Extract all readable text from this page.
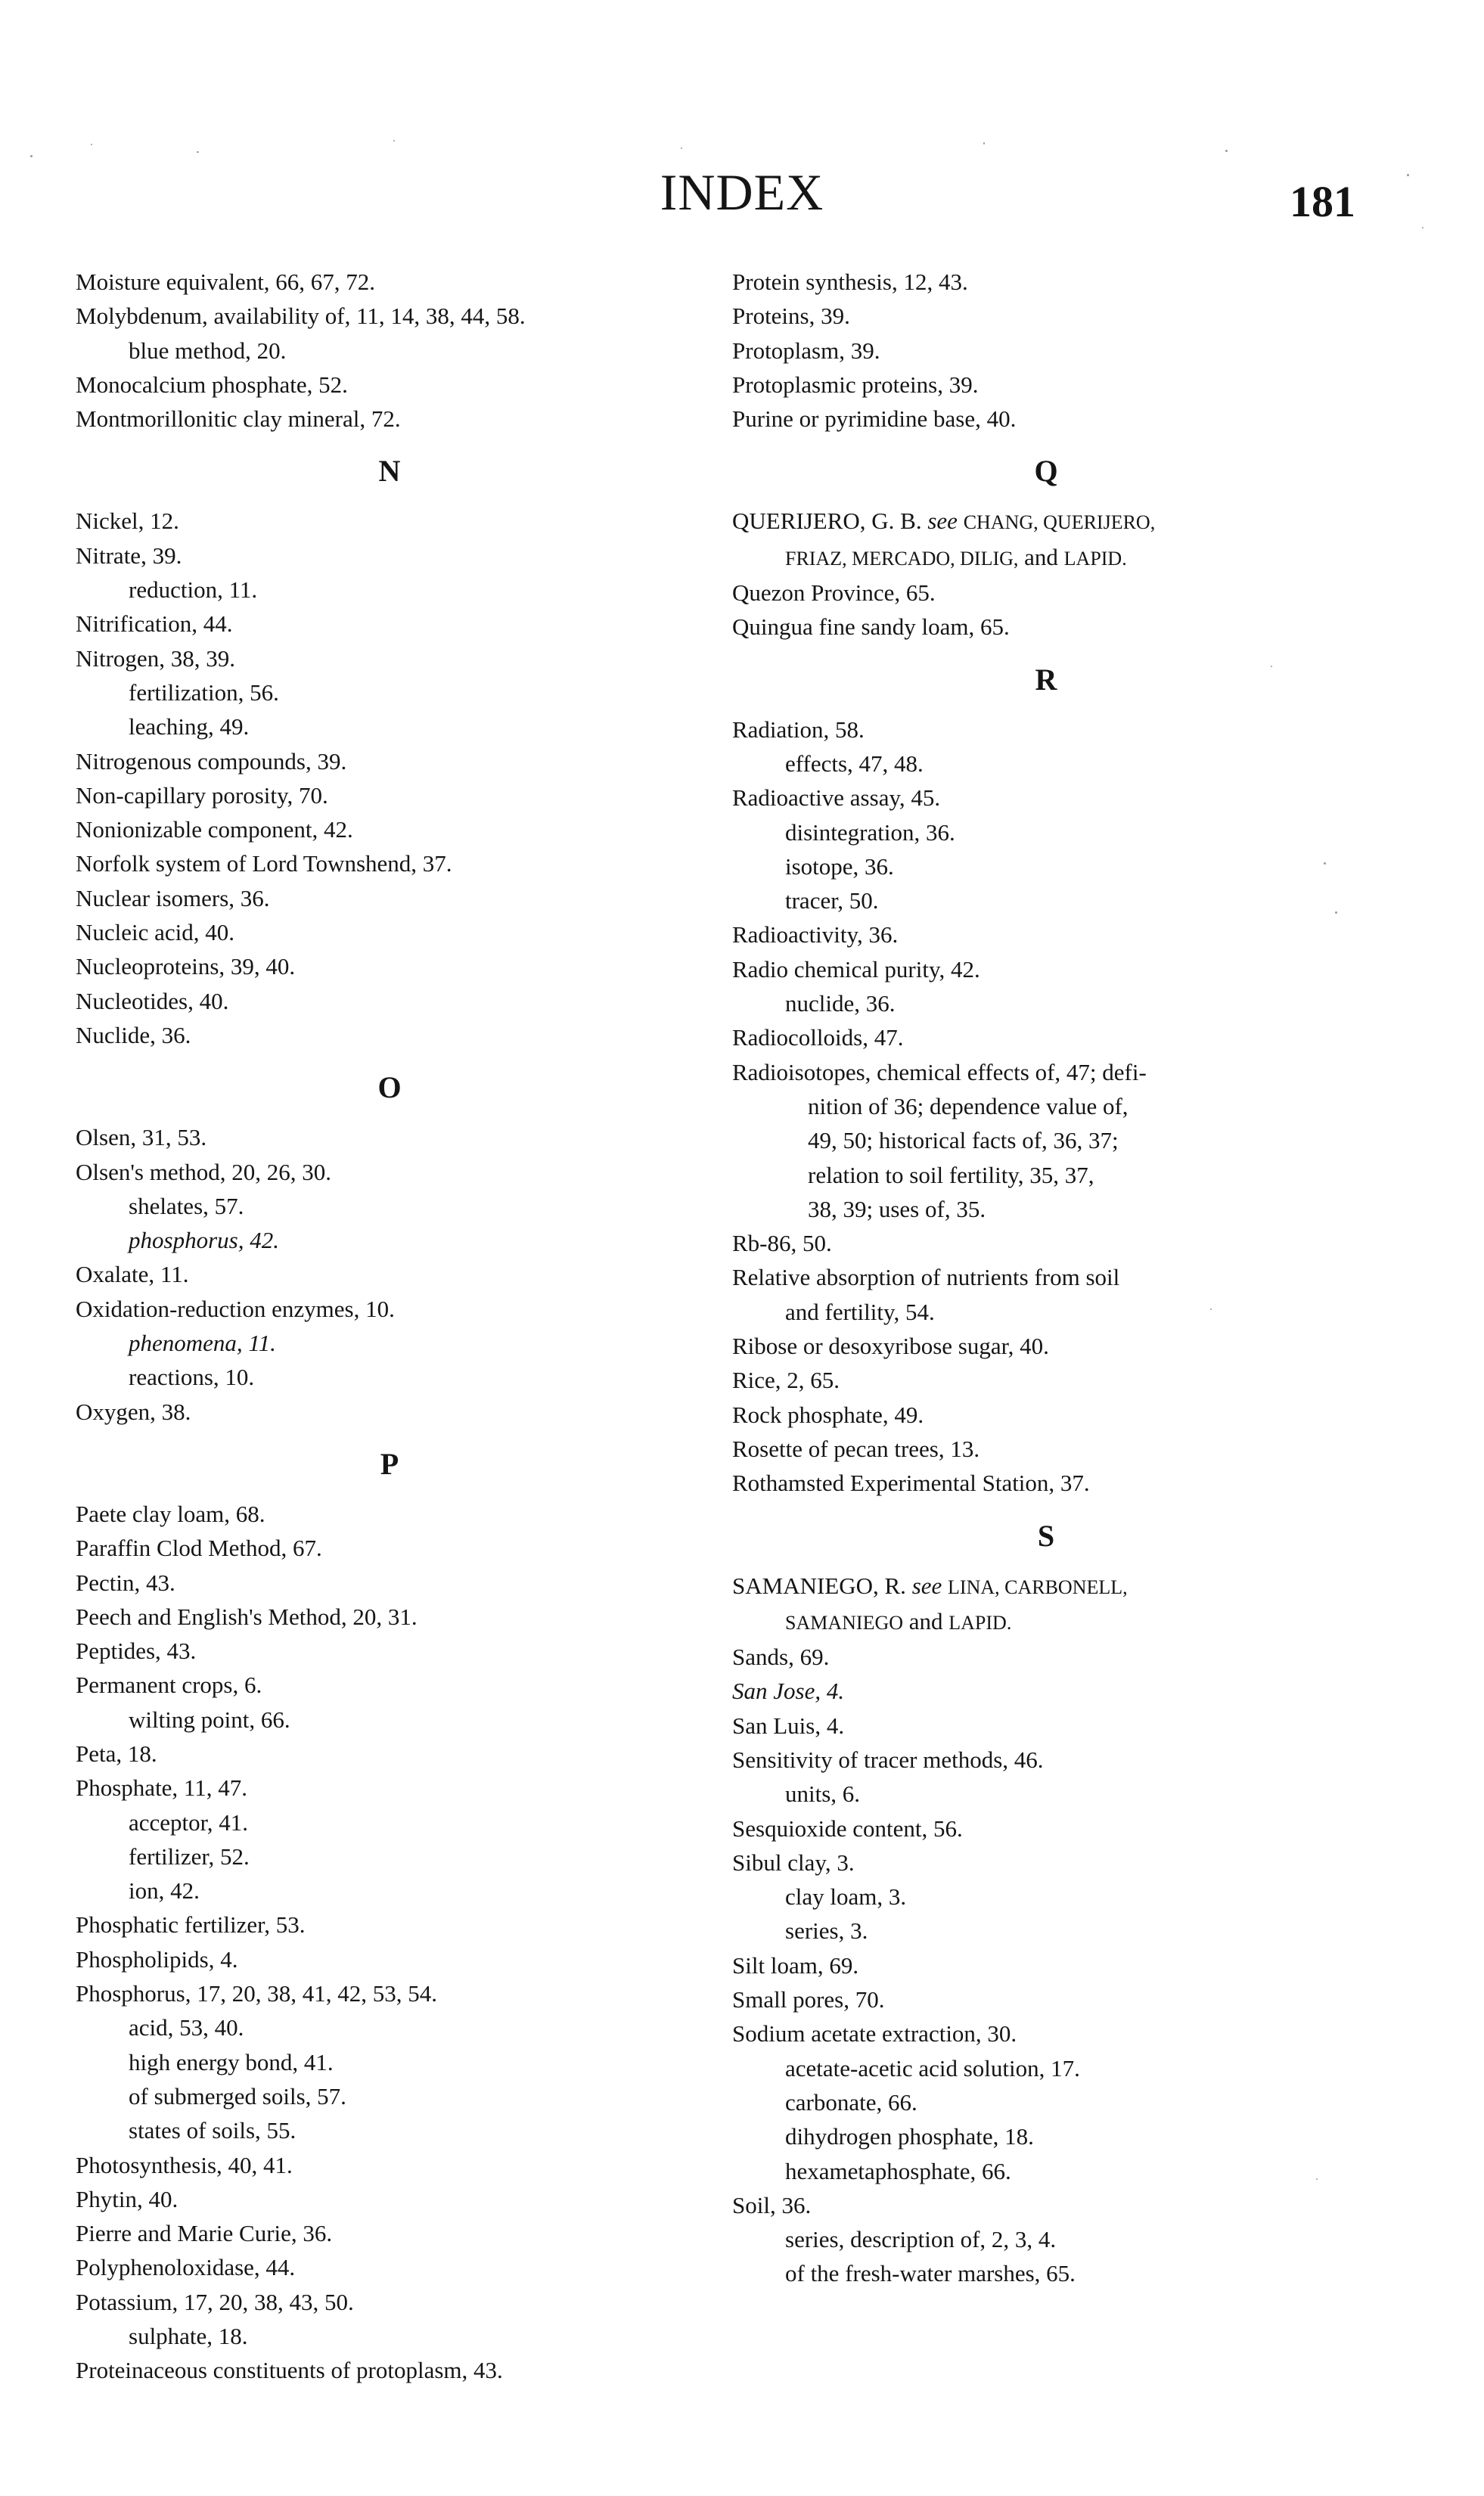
INDEX	181
Moisture equivalent, 66, 67, 72.
Molybdenum, availability of, 11, 14, 38, 44, 58.
blue method, 20.
Monocalcium phosphate, 52.
Montmorillonitic clay mineral, 72.
N
Nickel, 12.
Nitrate, 39.
reduction, 11.
Nitrification, 44.
Nitrogen, 38, 39.
fertilization, 56.
leaching, 49.
Nitrogenous compounds, 39.
Non-capillary porosity, 70.
Nonionizable component, 42.
Norfolk system of Lord Townshend, 37.
Nuclear isomers, 36.
Nucleic acid, 40.
Nucleoproteins, 39, 40.
Nucleotides, 40.
Nuclide, 36.
O
Olsen, 31, 53.
Olsen's method, 20, 26, 30.
shelates, 57.
phosphorus, 42.
Oxalate, 11.
Oxidation-reduction enzymes, 10.
phenomena, 11.
reactions, 10.
Oxygen, 38.
P
Paete clay loam, 68.
Paraffin Clod Method, 67.
Pectin, 43.
Peech and English's Method, 20, 31.
Peptides, 43.
Permanent crops, 6.
wilting point, 66.
Peta, 18.
Phosphate, 11, 47.
acceptor, 41.
fertilizer, 52.
ion, 42.
Phosphatic fertilizer, 53.
Phospholipids, 4.
Phosphorus, 17, 20, 38, 41, 42, 53, 54.
acid, 53, 40.
high energy bond, 41.
of submerged soils, 57.
states of soils, 55.
Photosynthesis, 40, 41.
Phytin, 40.
Pierre and Marie Curie, 36.
Polyphenoloxidase, 44.
Potassium, 17, 20, 38, 43, 50.
sulphate, 18.
Proteinaceous constituents of protoplasm, 43.
Protein synthesis, 12, 43.
Proteins, 39.
Protoplasm, 39.
Protoplasmic proteins, 39.
Purine or pyrimidine base, 40.
Q
QUERIJERO, G. B. see CHANG, QUERIJERO,
FRIAZ, MERCADO, DILIG, and LAPID.
Quezon Province, 65.
Quingua fine sandy loam, 65.
R
Radiation, 58.
effects, 47, 48.
Radioactive assay, 45.
disintegration, 36.
isotope, 36.
tracer, 50.
Radioactivity, 36.
Radio chemical purity, 42.
nuclide, 36.
Radiocolloids, 47.
Radioisotopes, chemical effects of, 47; defi-
nition of 36; dependence value of,
49, 50; historical facts of, 36, 37;
relation to soil fertility, 35, 37,
38, 39; uses of, 35.
Rb-86, 50.
Relative absorption of nutrients from soil
and fertility, 54.
Ribose or desoxyribose sugar, 40.
Rice, 2, 65.
Rock phosphate, 49.
Rosette of pecan trees, 13.
Rothamsted Experimental Station, 37.
S
SAMANIEGO, R. see LINA, CARBONELL,
SAMANIEGO and LAPID.
Sands, 69.
San Jose, 4.
San Luis, 4.
Sensitivity of tracer methods, 46.
units, 6.
Sesquioxide content, 56.
Sibul clay, 3.
clay loam, 3.
series, 3.
Silt loam, 69.
Small pores, 70.
Sodium acetate extraction, 30.
acetate-acetic acid solution, 17.
carbonate, 66.
dihydrogen phosphate, 18.
hexametaphosphate, 66.
Soil, 36.
series, description of, 2, 3, 4.
of the fresh-water marshes, 65.
